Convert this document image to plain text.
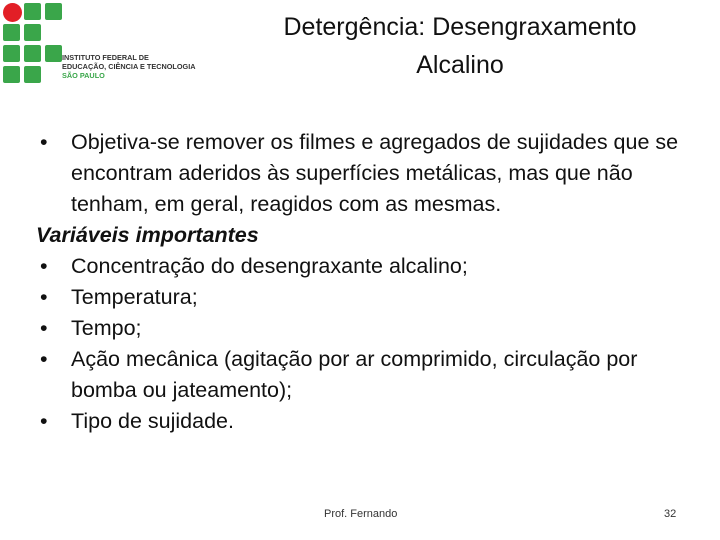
INSTITUTO FEDERAL DE
EDUCAÇÃO, CIÊNCIA E TECNOLOGIA
SÃO PAULO
Detergência: Desengraxamento
Alcalino
• Objetiva-se remover os filmes e agregados de sujidades que se encontram aderidos às superfícies metálicas, mas que não tenham, em geral, reagidos com as mesmas.
Variáveis importantes
• Concentração do desengraxante alcalino;
• Temperatura;
• Tempo;
• Ação mecânica (agitação por ar comprimido, circulação por bomba ou jateamento);
• Tipo de sujidade.
Prof. Fernando	32
